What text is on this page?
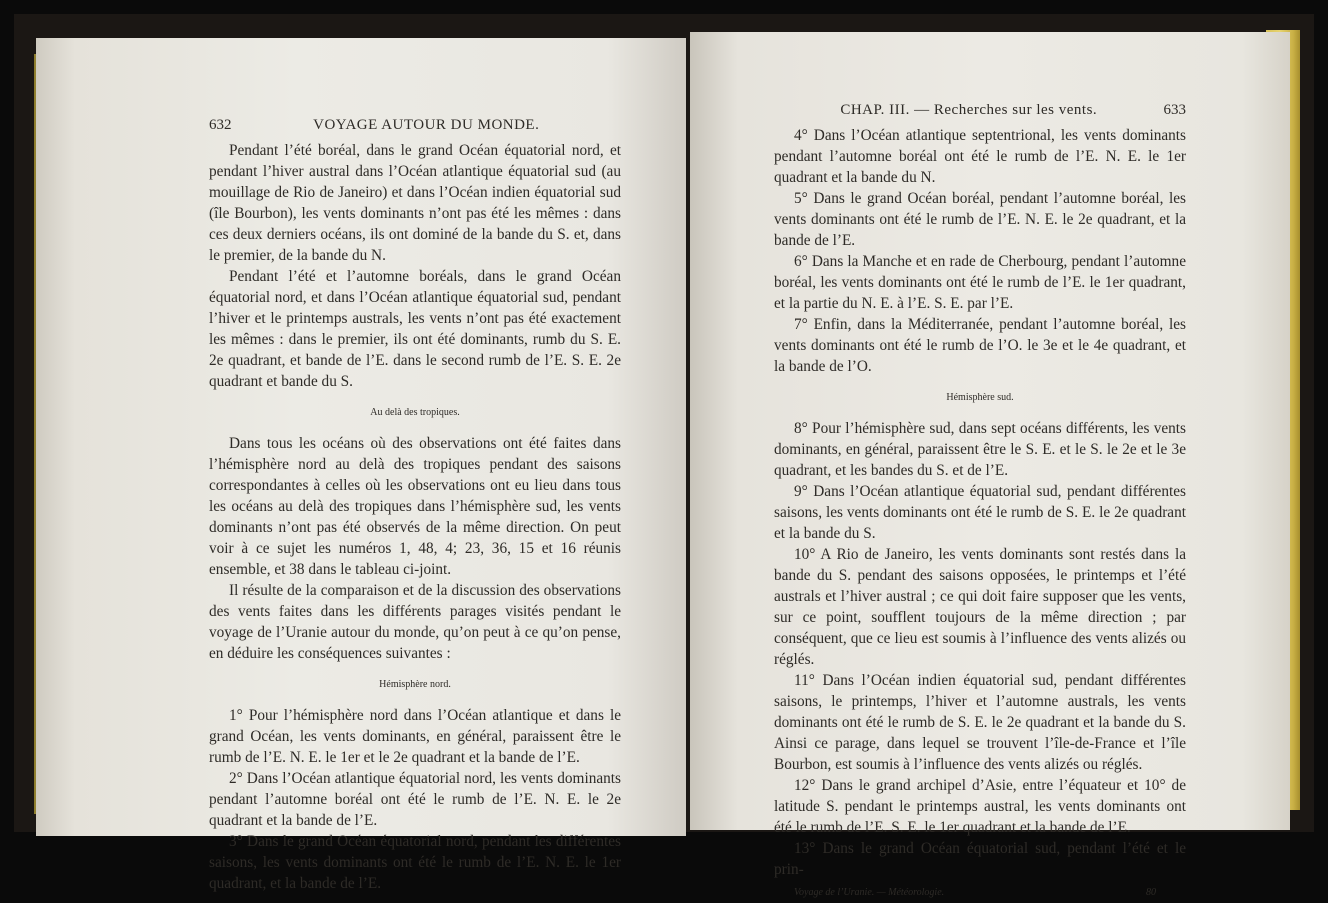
632	VOYAGE AUTOUR DU MONDE.

Pendant l’été boréal, dans le grand Océan équatorial nord, et pendant l’hiver austral dans l’Océan atlantique équatorial sud (au mouillage de Rio de Janeiro) et dans l’Océan indien équatorial sud (île Bourbon), les vents dominants n’ont pas été les mêmes : dans ces deux derniers océans, ils ont dominé de la bande du S. et, dans le premier, de la bande du N.

Pendant l’été et l’automne boréals, dans le grand Océan équatorial nord, et dans l’Océan atlantique équatorial sud, pendant l’hiver et le printemps australs, les vents n’ont pas été exactement les mêmes : dans le premier, ils ont été dominants, rumb du S. E. 2e quadrant, et bande de l’E. dans le second rumb de l’E. S. E. 2e quadrant et bande du S.

Au delà des tropiques.

Dans tous les océans où des observations ont été faites dans l’hémisphère nord au delà des tropiques pendant des saisons correspondantes à celles où les observations ont eu lieu dans tous les océans au delà des tropiques dans l’hémisphère sud, les vents dominants n’ont pas été observés de la même direction. On peut voir à ce sujet les numéros 1, 48, 4; 23, 36, 15 et 16 réunis ensemble, et 38 dans le tableau ci-joint.

Il résulte de la comparaison et de la discussion des observations des vents faites dans les différents parages visités pendant le voyage de l’Uranie autour du monde, qu’on peut à ce qu’on pense, en déduire les conséquences suivantes :

Hémisphère nord.

1° Pour l’hémisphère nord dans l’Océan atlantique et dans le grand Océan, les vents dominants, en général, paraissent être le rumb de l’E. N. E. le 1er et le 2e quadrant et la bande de l’E.

2° Dans l’Océan atlantique équatorial nord, les vents dominants pendant l’automne boréal ont été le rumb de l’E. N. E. le 2e quadrant et la bande de l’E.

3° Dans le grand Océan équatorial nord, pendant les différentes saisons, les vents dominants ont été le rumb de l’E. N. E. le 1er quadrant, et la bande de l’E.

CHAP. III. — Recherches sur les vents.	633

4° Dans l’Océan atlantique septentrional, les vents dominants pendant l’automne boréal ont été le rumb de l’E. N. E. le 1er quadrant et la bande du N.

5° Dans le grand Océan boréal, pendant l’automne boréal, les vents dominants ont été le rumb de l’E. N. E. le 2e quadrant, et la bande de l’E.

6° Dans la Manche et en rade de Cherbourg, pendant l’automne boréal, les vents dominants ont été le rumb de l’E. le 1er quadrant, et la partie du N. E. à l’E. S. E. par l’E.

7° Enfin, dans la Méditerranée, pendant l’automne boréal, les vents dominants ont été le rumb de l’O. le 3e et le 4e quadrant, et la bande de l’O.

Hémisphère sud.

8° Pour l’hémisphère sud, dans sept océans différents, les vents dominants, en général, paraissent être le S. E. et le S. le 2e et le 3e quadrant, et les bandes du S. et de l’E.

9° Dans l’Océan atlantique équatorial sud, pendant différentes saisons, les vents dominants ont été le rumb de S. E. le 2e quadrant et la bande du S.

10° A Rio de Janeiro, les vents dominants sont restés dans la bande du S. pendant des saisons opposées, le printemps et l’été australs et l’hiver austral ; ce qui doit faire supposer que les vents, sur ce point, soufflent toujours de la même direction ; par conséquent, que ce lieu est soumis à l’influence des vents alizés ou réglés.

11° Dans l’Océan indien équatorial sud, pendant différentes saisons, le printemps, l’hiver et l’automne australs, les vents dominants ont été le rumb de S. E. le 2e quadrant et la bande du S. Ainsi ce parage, dans lequel se trouvent l’île-de-France et l’île Bourbon, est soumis à l’influence des vents alizés ou réglés.

12° Dans le grand archipel d’Asie, entre l’équateur et 10° de latitude S. pendant le printemps austral, les vents dominants ont été le rumb de l’E. S. E. le 1er quadrant et la bande de l’E.

13° Dans le grand Océan équatorial sud, pendant l’été et le prin-

Voyage de l’Uranie. — Météorologie.	80
